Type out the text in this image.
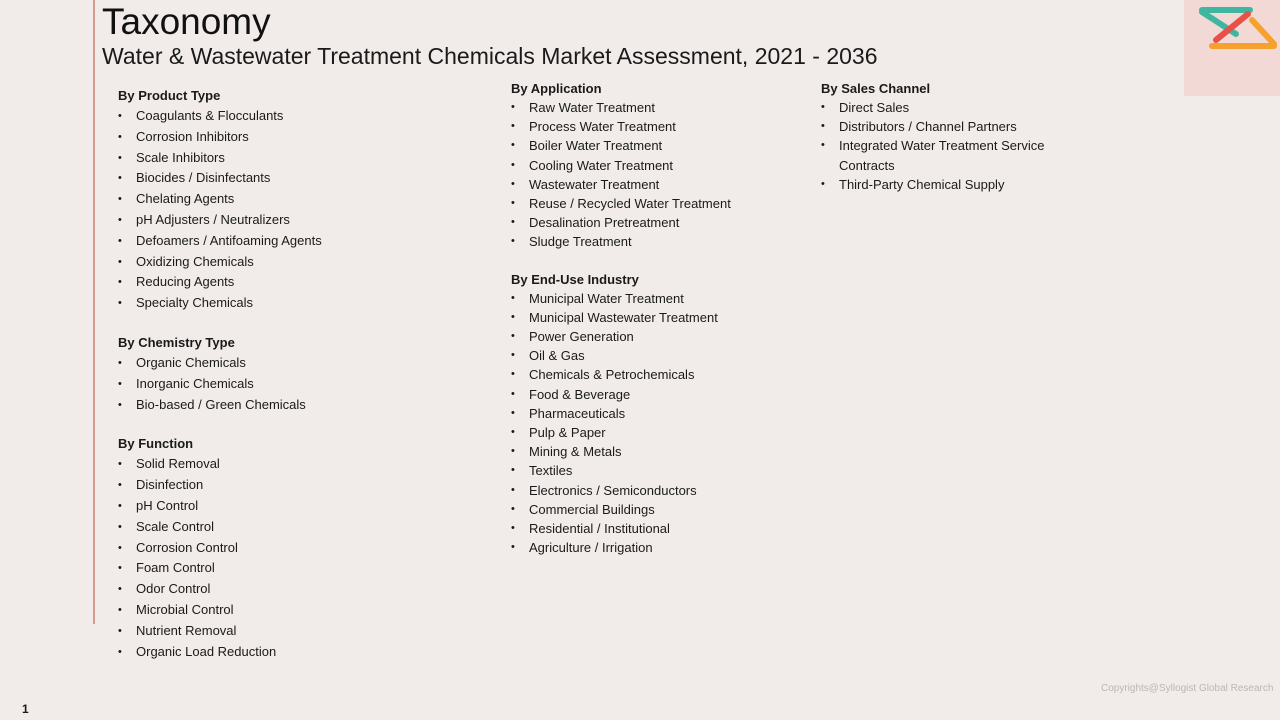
Taxonomy
Water & Wastewater Treatment Chemicals Market Assessment, 2021 - 2036
By Product Type
• Coagulants & Flocculants
• Corrosion Inhibitors
• Scale Inhibitors
• Biocides / Disinfectants
• Chelating Agents
• pH Adjusters / Neutralizers
• Defoamers / Antifoaming Agents
• Oxidizing Chemicals
• Reducing Agents
• Specialty Chemicals
By Chemistry Type
• Organic Chemicals
• Inorganic Chemicals
• Bio-based / Green Chemicals
By Function
• Solid Removal
• Disinfection
• pH Control
• Scale Control
• Corrosion Control
• Foam Control
• Odor Control
• Microbial Control
• Nutrient Removal
• Organic Load Reduction
By Application
• Raw Water Treatment
• Process Water Treatment
• Boiler Water Treatment
• Cooling Water Treatment
• Wastewater Treatment
• Reuse / Recycled Water Treatment
• Desalination Pretreatment
• Sludge Treatment
By End-Use Industry
• Municipal Water Treatment
• Municipal Wastewater Treatment
• Power Generation
• Oil & Gas
• Chemicals & Petrochemicals
• Food & Beverage
• Pharmaceuticals
• Pulp & Paper
• Mining & Metals
• Textiles
• Electronics / Semiconductors
• Commercial Buildings
• Residential / Institutional
• Agriculture / Irrigation
By Sales Channel
• Direct Sales
• Distributors / Channel Partners
• Integrated Water Treatment Service Contracts
• Third-Party Chemical Supply
Copyrights@Syllogist Global Research
1
